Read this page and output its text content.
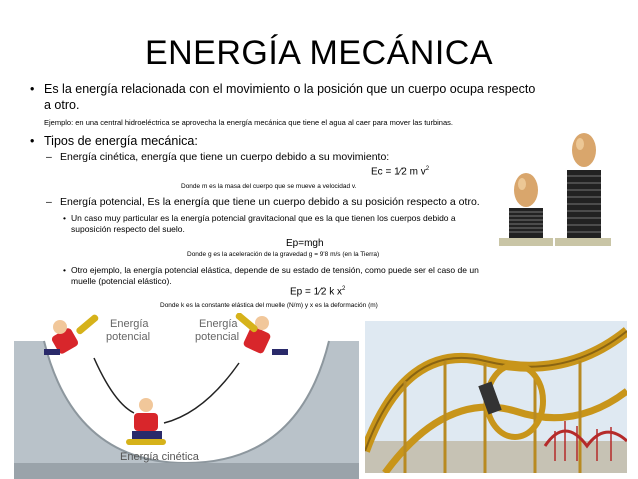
ENERGÍA MECÁNICA
• Es la energía relacionada con el movimiento o la posición que un cuerpo ocupa respecto
a otro.
Ejemplo: en una central hidroeléctrica se aprovecha la energía mecánica que tiene el agua al caer para mover las turbinas.
• Tipos de energía mecánica:
– Energía cinética, energía que tiene un cuerpo debido a su movimiento:
Ec = 1⁄2 m $v^2$
Donde m es la masa del cuerpo que se mueve a velocidad v.
– Energía potencial, Es la energía que tiene un cuerpo debido a su posición respecto a otro.
• Un caso muy particular es la energía potencial gravitacional que es la que tienen los cuerpos debido a
suposición respecto del suelo.
Ep=mgh
Donde g es la aceleración de la gravedad g = 9'8 m/s (en la Tierra)
• Otro ejemplo, la energía potencial elástica, depende de su estado de tensión, como puede ser el caso de un
muelle (potencial elástico).
Ep = 1⁄2 k $x^2$
Donde k es la constante elástica del muelle (N/m) y x es la deformación (m)
Energía
potencial
Energía
potencial
Energía cinética
